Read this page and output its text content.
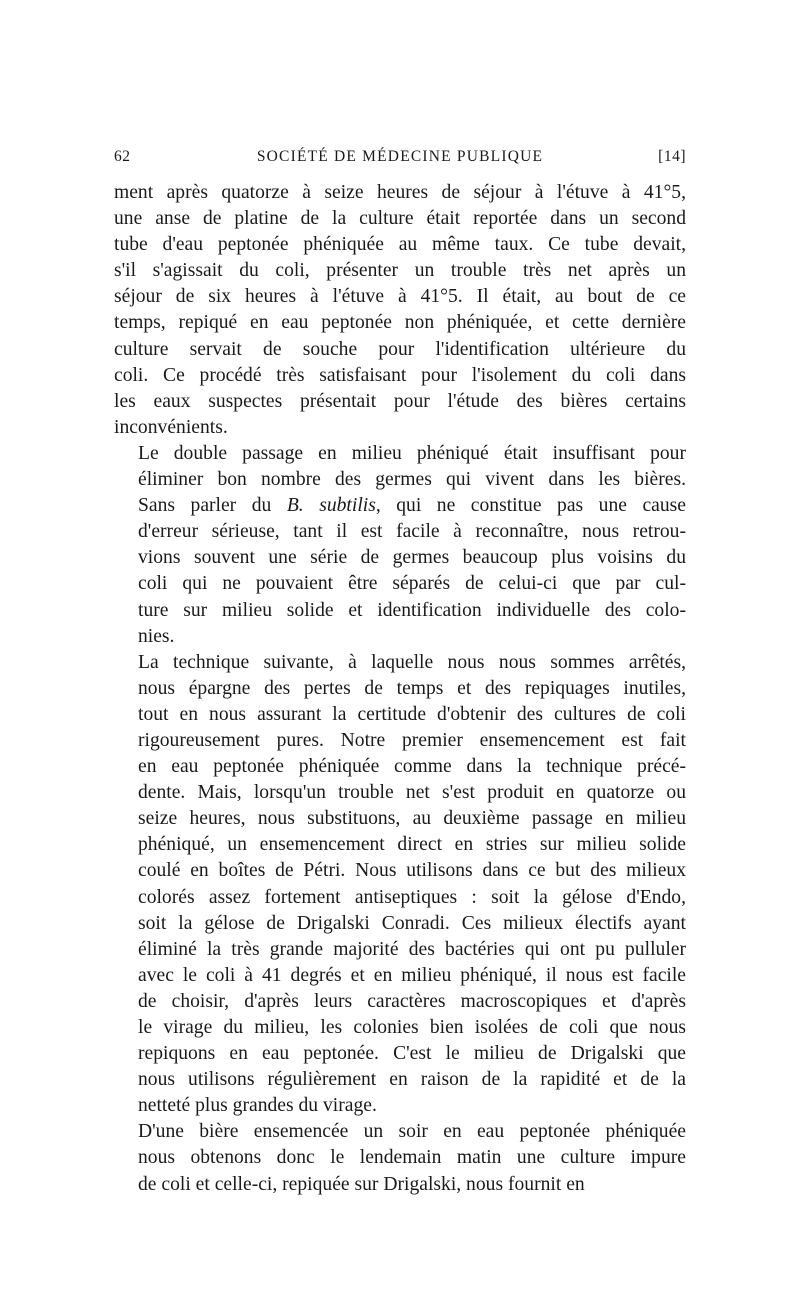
62	SOCIÉTÉ DE MÉDECINE PUBLIQUE	[14]

ment après quatorze à seize heures de séjour à l'étuve à 41°5,
une anse de platine de la culture était reportée dans un second
tube d'eau peptonée phéniquée au même taux. Ce tube devait,
s'il s'agissait du coli, présenter un trouble très net après un
séjour de six heures à l'étuve à 41°5. Il était, au bout de ce
temps, repiqué en eau peptonée non phéniquée, et cette dernière
culture servait de souche pour l'identification ultérieure du
coli. Ce procédé très satisfaisant pour l'isolement du coli dans
les eaux suspectes présentait pour l'étude des bières certains
inconvénients.

Le double passage en milieu phéniqué était insuffisant pour
éliminer bon nombre des germes qui vivent dans les bières.
Sans parler du B. subtilis, qui ne constitue pas une cause
d'erreur sérieuse, tant il est facile à reconnaître, nous retrou-
vions souvent une série de germes beaucoup plus voisins du
coli qui ne pouvaient être séparés de celui-ci que par cul-
ture sur milieu solide et identification individuelle des colo-
nies.

La technique suivante, à laquelle nous nous sommes arrêtés,
nous épargne des pertes de temps et des repiquages inutiles,
tout en nous assurant la certitude d'obtenir des cultures de coli
rigoureusement pures. Notre premier ensemencement est fait
en eau peptonée phéniquée comme dans la technique précé-
dente. Mais, lorsqu'un trouble net s'est produit en quatorze ou
seize heures, nous substituons, au deuxième passage en milieu
phéniqué, un ensemencement direct en stries sur milieu solide
coulé en boîtes de Pétri. Nous utilisons dans ce but des milieux
colorés assez fortement antiseptiques : soit la gélose d'Endo,
soit la gélose de Drigalski Conradi. Ces milieux électifs ayant
éliminé la très grande majorité des bactéries qui ont pu pulluler
avec le coli à 41 degrés et en milieu phéniqué, il nous est facile
de choisir, d'après leurs caractères macroscopiques et d'après
le virage du milieu, les colonies bien isolées de coli que nous
repiquons en eau peptonée. C'est le milieu de Drigalski que
nous utilisons régulièrement en raison de la rapidité et de la
netteté plus grandes du virage.

D'une bière ensemencée un soir en eau peptonée phéniquée
nous obtenons donc le lendemain matin une culture impure
de coli et celle-ci, repiquée sur Drigalski, nous fournit en
